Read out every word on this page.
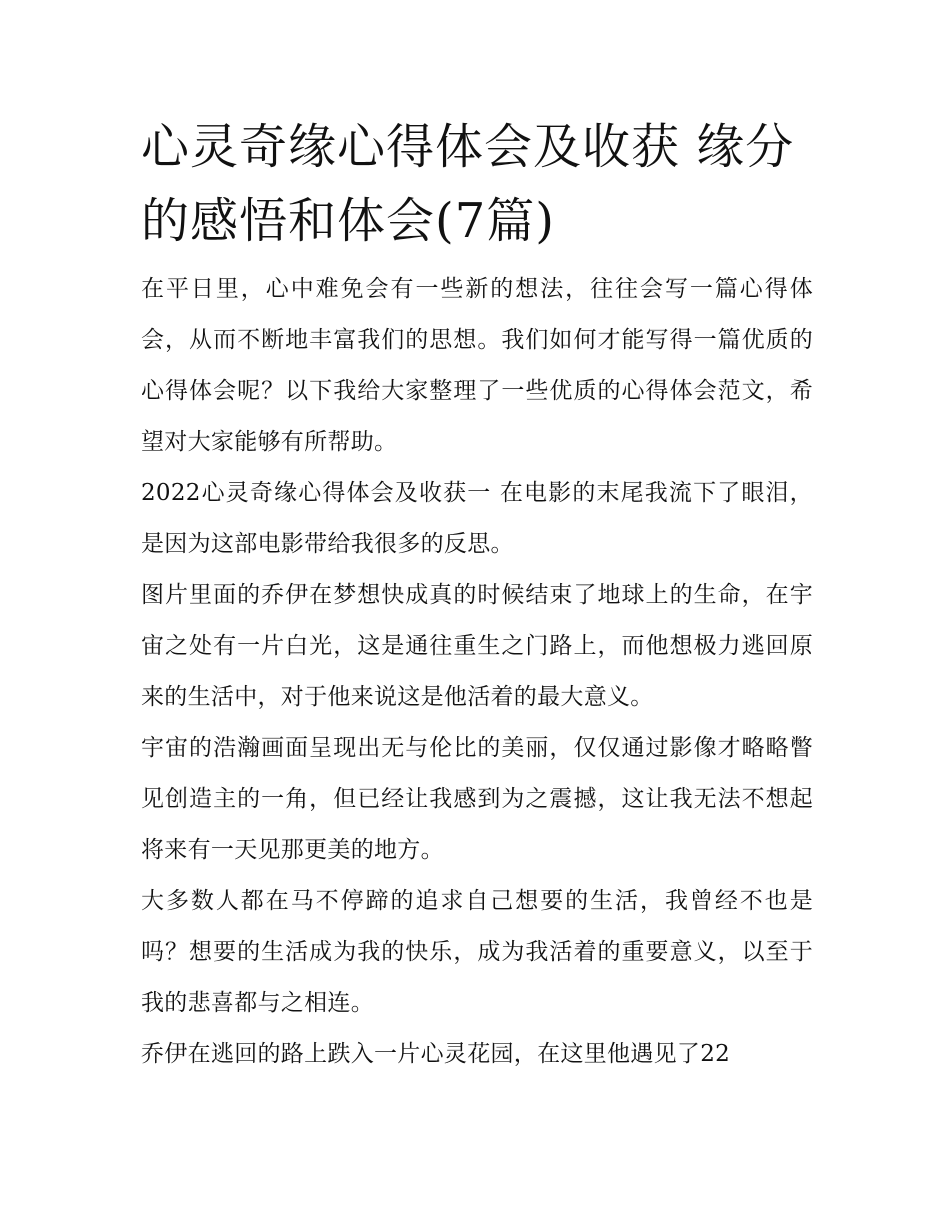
心灵奇缘心得体会及收获 缘分的感悟和体会(7篇)

在平日里，心中难免会有一些新的想法，往往会写一篇心得体会，从而不断地丰富我们的思想。我们如何才能写得一篇优质的心得体会呢？以下我给大家整理了一些优质的心得体会范文，希望对大家能够有所帮助。

2022心灵奇缘心得体会及收获一 在电影的末尾我流下了眼泪，是因为这部电影带给我很多的反思。

图片里面的乔伊在梦想快成真的时候结束了地球上的生命，在宇宙之处有一片白光，这是通往重生之门路上，而他想极力逃回原来的生活中，对于他来说这是他活着的最大意义。

宇宙的浩瀚画面呈现出无与伦比的美丽，仅仅通过影像才略略瞥见创造主的一角，但已经让我感到为之震撼，这让我无法不想起将来有一天见那更美的地方。

大多数人都在马不停蹄的追求自己想要的生活，我曾经不也是吗？想要的生活成为我的快乐，成为我活着的重要意义，以至于我的悲喜都与之相连。

乔伊在逃回的路上跌入一片心灵花园，在这里他遇见了22
